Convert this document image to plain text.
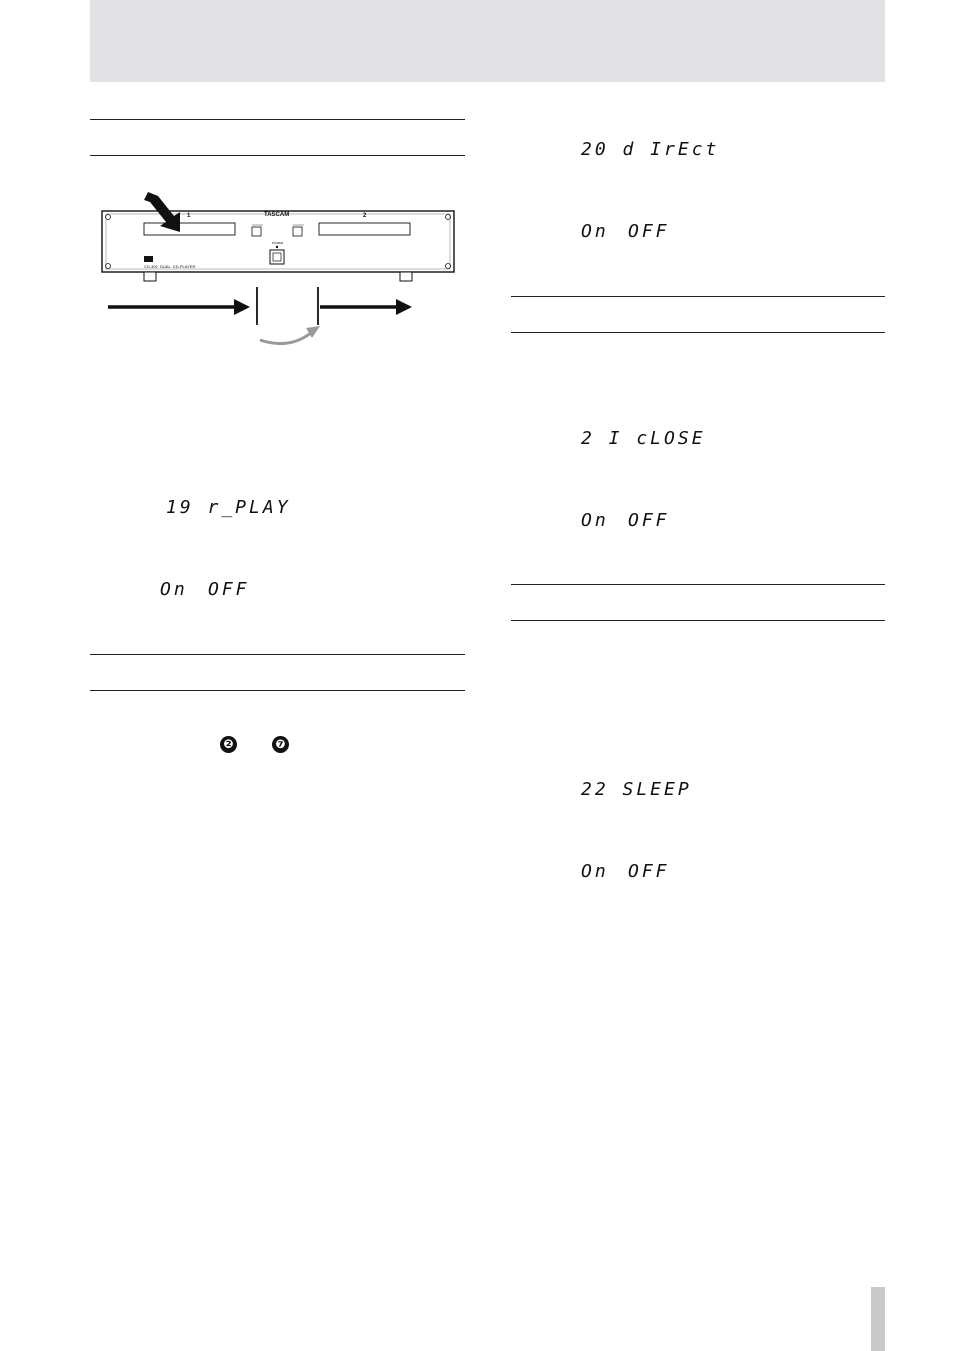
1	2
TASCAM
POWER
CD-302  DUAL  CD-PLAYER
19 r_PLAY
On OFF
❷	❼
20 d IrEct
On OFF
2 I cLOSE
On OFF
22 SLEEP
On OFF
